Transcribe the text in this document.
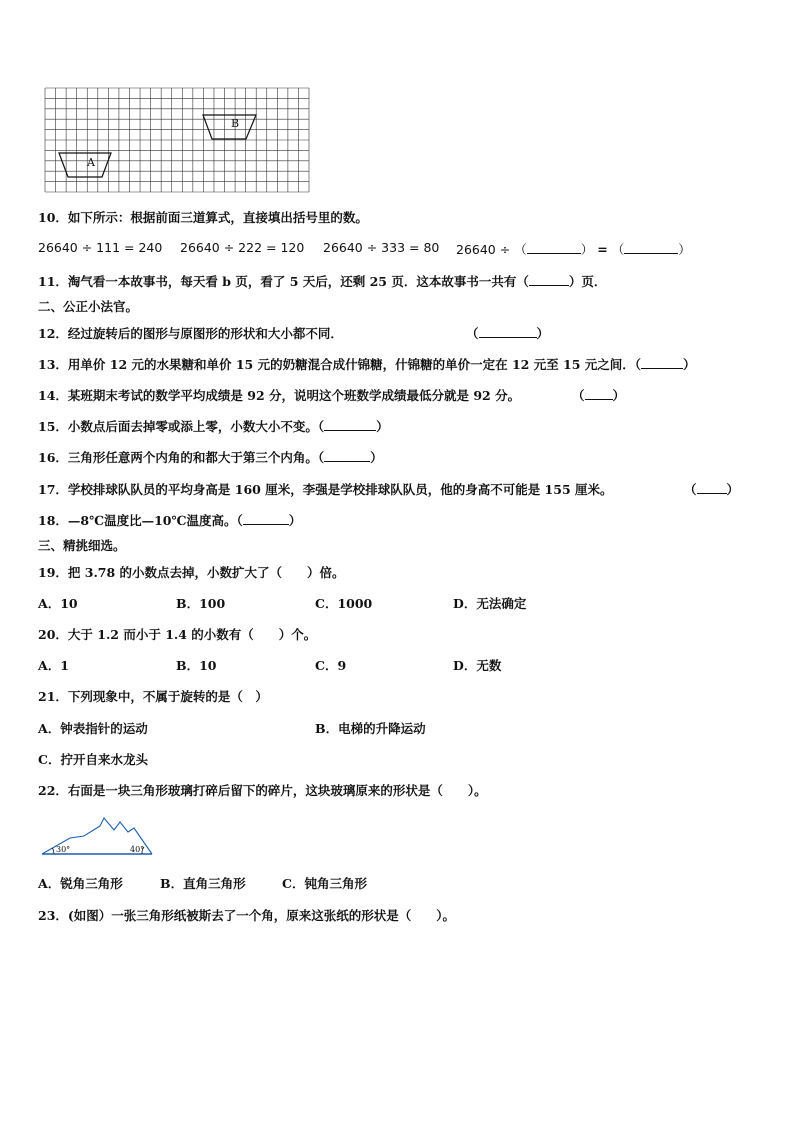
B
A
10．如下所示：根据前面三道算式，直接填出括号里的数。
26640 ÷ 111 = 240 26640 ÷ 222 = 120 26640 ÷ 333 = 80 26640 ÷ （	） = （	）
11．淘气看一本故事书，每天看 b 页，看了 5 天后，还剩 25 页．这本故事书一共有（	）页．
二、公正小法官。
12．经过旋转后的图形与原图形的形状和大小都不同．	（	）
13．用单价 12 元的水果糖和单价 15 元的奶糖混合成什锦糖，什锦糖的单价一定在 12 元至 15 元之间．（	）
14．某班期末考试的数学平均成绩是 92 分，说明这个班数学成绩最低分就是 92 分。	（ ）
15．小数点后面去掉零或添上零，小数大小不变。（	）
16．三角形任意两个内角的和都大于第三个内角。（	）
17．学校排球队队员的平均身高是 160 厘米，李强是学校排球队队员，他的身高不可能是 155 厘米。	（ ）
18．—8℃温度比—10℃温度高。（	）
三、精挑细选。
19．把 3.78 的小数点去掉，小数扩大了（　　）倍。
A．10	B．100	C．1000	D．无法确定
20．大于 1.2 而小于 1.4 的小数有（　　）个。
A．1	B．10	C．9	D．无数
21．下列现象中，不属于旋转的是（　）
A．钟表指针的运动	B．电梯的升降运动
C．拧开自来水龙头
22．右面是一块三角形玻璃打碎后留下的碎片，这块玻璃原来的形状是（　　）。
30°	40°
A．锐角三角形	B．直角三角形	C．钝角三角形
23．(如图）一张三角形纸被斯去了一个角，原来这张纸的形状是（　　）。
